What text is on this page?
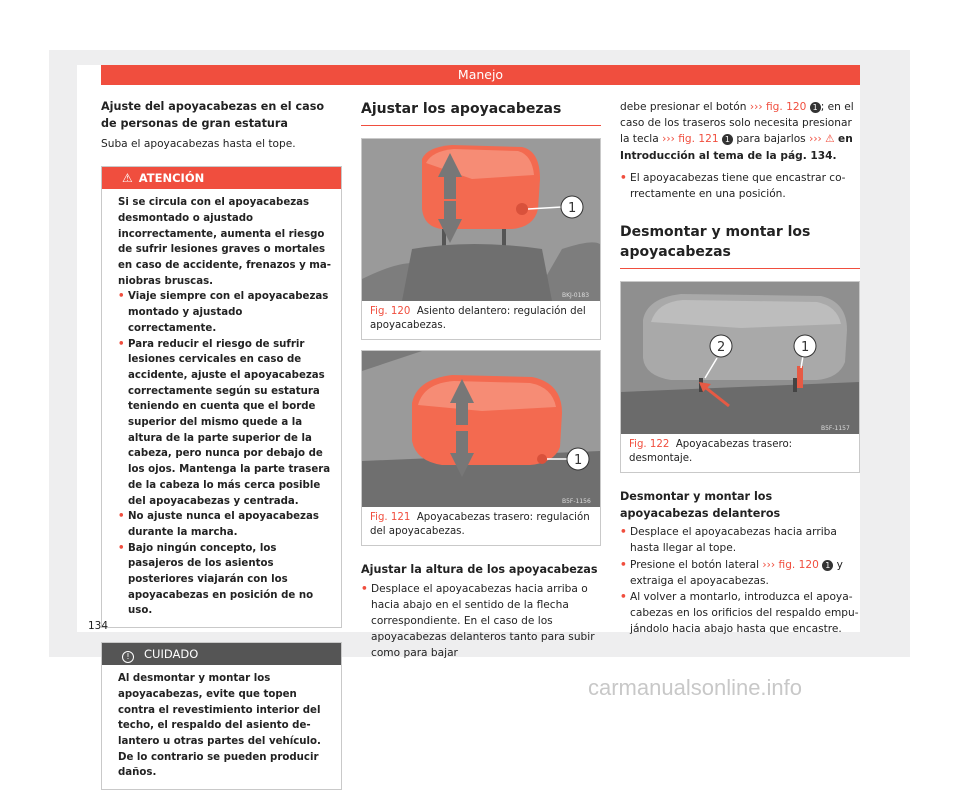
Manejo

Ajuste del apoyacabezas en el caso de personas de gran estatura

Suba el apoyacabezas hasta el tope.

⚠ ATENCIÓN

Si se circula con el apoyacabezas desmontado o ajustado incorrectamente, aumenta el riesgo de sufrir lesiones graves o mortales en caso de accidente, frenazos y maniobras bruscas.

• Viaje siempre con el apoyacabezas montado y ajustado correctamente.

• Para reducir el riesgo de sufrir lesiones cervicales en caso de accidente, ajuste el apoyacabezas correctamente según su estatura teniendo en cuenta que el borde superior del mismo quede a la altura de la parte superior de la cabeza, pero nunca por debajo de los ojos. Mantenga la parte trasera de la cabeza lo más cerca posible del apoyacabezas y centrada.

• No ajuste nunca el apoyacabezas durante la marcha.

• Bajo ningún concepto, los pasajeros de los asientos posteriores viajarán con los apoyacabezas en posición de no uso.

! CUIDADO

Al desmontar y montar los apoyacabezas, evite que topen contra el revestimiento interior del techo, el respaldo del asiento delantero u otras partes del vehículo. De lo contrario se pueden producir daños.

Ajustar los apoyacabezas

1
BKJ-0183
Fig. 120 Asiento delantero: regulación del apoyacabezas.
1
B5F-1156
Fig. 121 Apoyacabezas trasero: regulación del apoyacabezas.

Ajustar la altura de los apoyacabezas

• Desplace el apoyacabezas hacia arriba o hacia abajo en el sentido de la flecha correspondiente. En el caso de los apoyacabezas delanteros tanto para subir como para bajar

debe presionar el botón ››› fig. 120 1 ; en el caso de los traseros solo necesita presionar la tecla ››› fig. 121 1 para bajarlos ››› ⚠ en Introducción al tema de la pág. 134.

• El apoyacabezas tiene que encastrar correctamente en una posición.

Desmontar y montar los apoyacabezas

2	1
B5F-1157
Fig. 122 Apoyacabezas trasero: desmontaje.

Desmontar y montar los apoyacabezas delanteros

• Desplace el apoyacabezas hacia arriba hasta llegar al tope.

• Presione el botón lateral ››› fig. 120 1 y extraiga el apoyacabezas.

• Al volver a montarlo, introduzca el apoyacabezas en los orificios del respaldo empujándolo hacia abajo hasta que encastre.

134
carmanualsonline.info
